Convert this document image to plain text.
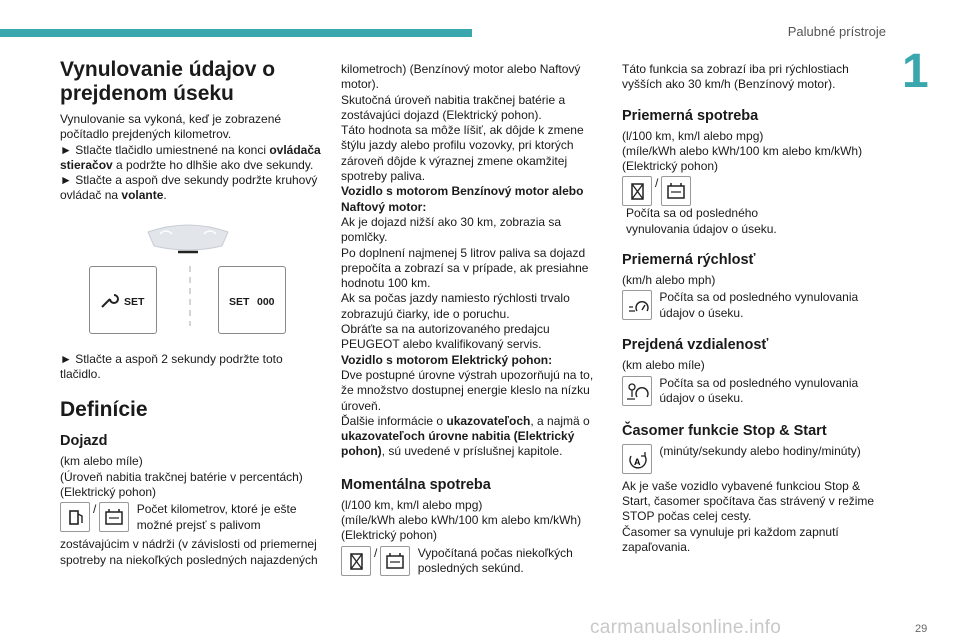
Palubné prístroje
1
Vynulovanie údajov o prejdenom úseku

Vynulovanie sa vykoná, keď je zobrazené počítadlo prejdených kilometrov.

► Stlačte tlačidlo umiestnené na konci ovládača stieračov a podržte ho dlhšie ako dve sekundy.

► Stlačte a aspoň dve sekundy podržte kruhový ovládač na volante.

SET	SET 000

► Stlačte a aspoň 2 sekundy podržte toto tlačidlo.

Definície
Dojazd

(km alebo míle)
(Úroveň nabitia trakčnej batérie v percentách)
(Elektrický pohon)

/	Počet kilometrov, ktoré je ešte možné prejsť s palivom

zostávajúcim v nádrži (v závislosti od priemernej spotreby na niekoľkých posledných najazdených

kilometroch) (Benzínový motor alebo Naftový motor).
Skutočná úroveň nabitia trakčnej batérie a zostávajúci dojazd (Elektrický pohon).
Táto hodnota sa môže líšiť, ak dôjde k zmene štýlu jazdy alebo profilu vozovky, pri ktorých zároveň dôjde k výraznej zmene okamžitej spotreby paliva.

Vozidlo s motorom Benzínový motor alebo Naftový motor:

Ak je dojazd nižší ako 30 km, zobrazia sa pomlčky.
Po doplnení najmenej 5 litrov paliva sa dojazd prepočíta a zobrazí sa v prípade, ak presiahne hodnotu 100 km.
Ak sa počas jazdy namiesto rýchlosti trvalo zobrazujú čiarky, ide o poruchu.
Obráťte sa na autorizovaného predajcu PEUGEOT alebo kvalifikovaný servis.

Vozidlo s motorom Elektrický pohon:

Dve postupné úrovne výstrah upozorňujú na to, že množstvo dostupnej energie kleslo na nízku úroveň.

Ďalšie informácie o ukazovateľoch, a najmä o ukazovateľoch úrovne nabitia (Elektrický pohon), sú uvedené v príslušnej kapitole.

Momentálna spotreba

(l/100 km, km/l alebo mpg)
(míle/kWh alebo kWh/100 km alebo km/kWh)
(Elektrický pohon)

/	Vypočítaná počas niekoľkých posledných sekúnd.

Táto funkcia sa zobrazí iba pri rýchlostiach vyšších ako 30 km/h (Benzínový motor).

Priemerná spotreba

(l/100 km, km/l alebo mpg)
(míle/kWh alebo kWh/100 km alebo km/kWh)
(Elektrický pohon)

/
Počíta sa od posledného vynulovania údajov o úseku.
Priemerná rýchlosť

(km/h alebo mph)

Počíta sa od posledného vynulovania údajov o úseku.
Prejdená vzdialenosť

(km alebo míle)

Počíta sa od posledného vynulovania údajov o úseku.
Časomer funkcie Stop & Start
A
(minúty/sekundy alebo hodiny/minúty)

Ak je vaše vozidlo vybavené funkciou Stop & Start, časomer spočítava čas strávený v režime STOP počas celej cesty.
Časomer sa vynuluje pri každom zapnutí zapaľovania.

carmanualsonline.info	29
